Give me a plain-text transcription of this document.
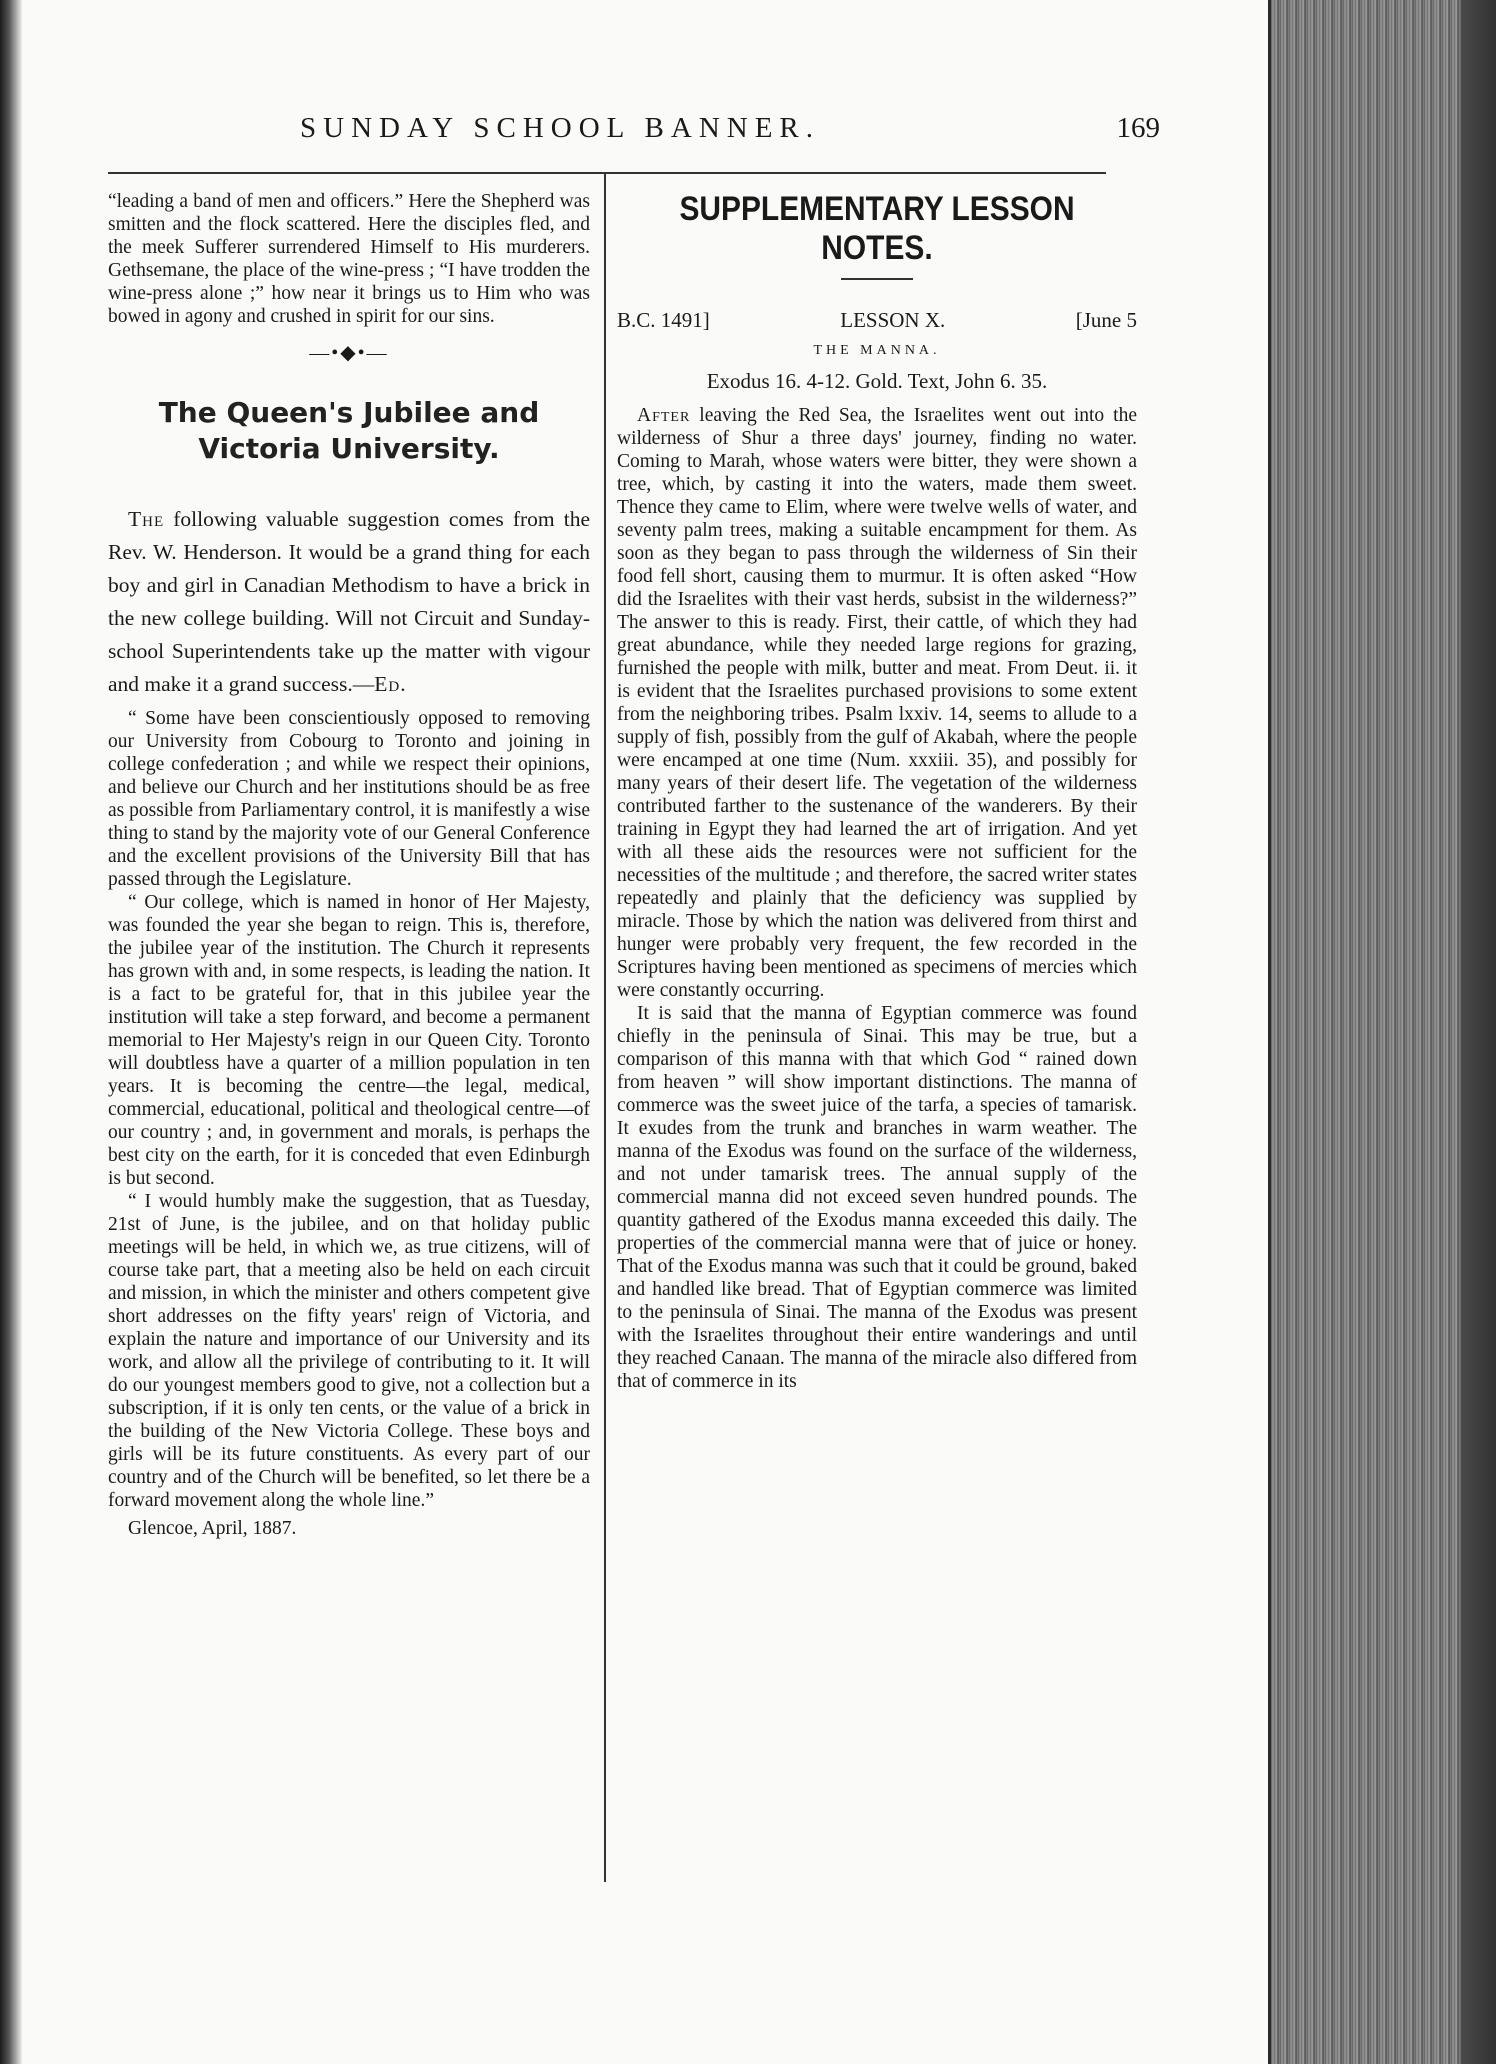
SUNDAY SCHOOL BANNER.	169

“leading a band of men and officers.” Here the Shepherd was smitten and the flock scattered. Here the disciples fled, and the meek Sufferer surrendered Himself to His murderers. Gethsemane, the place of the wine-press ; “I have trodden the wine-press alone ;” how near it brings us to Him who was bowed in agony and crushed in spirit for our sins.

—•◆•—
The Queen's Jubilee and Victoria University.

The following valuable suggestion comes from the Rev. W. Henderson. It would be a grand thing for each boy and girl in Canadian Methodism to have a brick in the new college building. Will not Circuit and Sunday-school Superintendents take up the matter with vigour and make it a grand success.—Ed.

“ Some have been conscientiously opposed to removing our University from Cobourg to Toronto and joining in college confederation ; and while we respect their opinions, and believe our Church and her institutions should be as free as possible from Parliamentary control, it is manifestly a wise thing to stand by the majority vote of our General Conference and the excellent provisions of the University Bill that has passed through the Legislature.

“ Our college, which is named in honor of Her Majesty, was founded the year she began to reign. This is, therefore, the jubilee year of the institution. The Church it represents has grown with and, in some respects, is leading the nation. It is a fact to be grateful for, that in this jubilee year the institution will take a step forward, and become a permanent memorial to Her Majesty's reign in our Queen City. Toronto will doubtless have a quarter of a million population in ten years. It is becoming the centre—the legal, medical, commercial, educational, political and theological centre—of our country ; and, in government and morals, is perhaps the best city on the earth, for it is conceded that even Edinburgh is but second.

“ I would humbly make the suggestion, that as Tuesday, 21st of June, is the jubilee, and on that holiday public meetings will be held, in which we, as true citizens, will of course take part, that a meeting also be held on each circuit and mission, in which the minister and others competent give short addresses on the fifty years' reign of Victoria, and explain the nature and importance of our University and its work, and allow all the privilege of contributing to it. It will do our youngest members good to give, not a collection but a subscription, if it is only ten cents, or the value of a brick in the building of the New Victoria College. These boys and girls will be its future constituents. As every part of our country and of the Church will be benefited, so let there be a forward movement along the whole line.”

Glencoe, April, 1887.

SUPPLEMENTARY LESSON NOTES.
B.C. 1491]	LESSON X.	[June 5
THE MANNA.
Exodus 16. 4-12. Gold. Text, John 6. 35.

After leaving the Red Sea, the Israelites went out into the wilderness of Shur a three days' journey, finding no water. Coming to Marah, whose waters were bitter, they were shown a tree, which, by casting it into the waters, made them sweet. Thence they came to Elim, where were twelve wells of water, and seventy palm trees, making a suitable encampment for them. As soon as they began to pass through the wilderness of Sin their food fell short, causing them to murmur. It is often asked “How did the Israelites with their vast herds, subsist in the wilderness?” The answer to this is ready. First, their cattle, of which they had great abundance, while they needed large regions for grazing, furnished the people with milk, butter and meat. From Deut. ii. it is evident that the Israelites purchased provisions to some extent from the neighboring tribes. Psalm lxxiv. 14, seems to allude to a supply of fish, possibly from the gulf of Akabah, where the people were encamped at one time (Num. xxxiii. 35), and possibly for many years of their desert life. The vegetation of the wilderness contributed farther to the sustenance of the wanderers. By their training in Egypt they had learned the art of irrigation. And yet with all these aids the resources were not sufficient for the necessities of the multitude ; and therefore, the sacred writer states repeatedly and plainly that the deficiency was supplied by miracle. Those by which the nation was delivered from thirst and hunger were probably very frequent, the few recorded in the Scriptures having been mentioned as specimens of mercies which were constantly occurring.

It is said that the manna of Egyptian commerce was found chiefly in the peninsula of Sinai. This may be true, but a comparison of this manna with that which God “ rained down from heaven ” will show important distinctions. The manna of commerce was the sweet juice of the tarfa, a species of tamarisk. It exudes from the trunk and branches in warm weather. The manna of the Exodus was found on the surface of the wilderness, and not under tamarisk trees. The annual supply of the commercial manna did not exceed seven hundred pounds. The quantity gathered of the Exodus manna exceeded this daily. The properties of the commercial manna were that of juice or honey. That of the Exodus manna was such that it could be ground, baked and handled like bread. That of Egyptian commerce was limited to the peninsula of Sinai. The manna of the Exodus was present with the Israelites throughout their entire wanderings and until they reached Canaan. The manna of the miracle also differed from that of commerce in its
